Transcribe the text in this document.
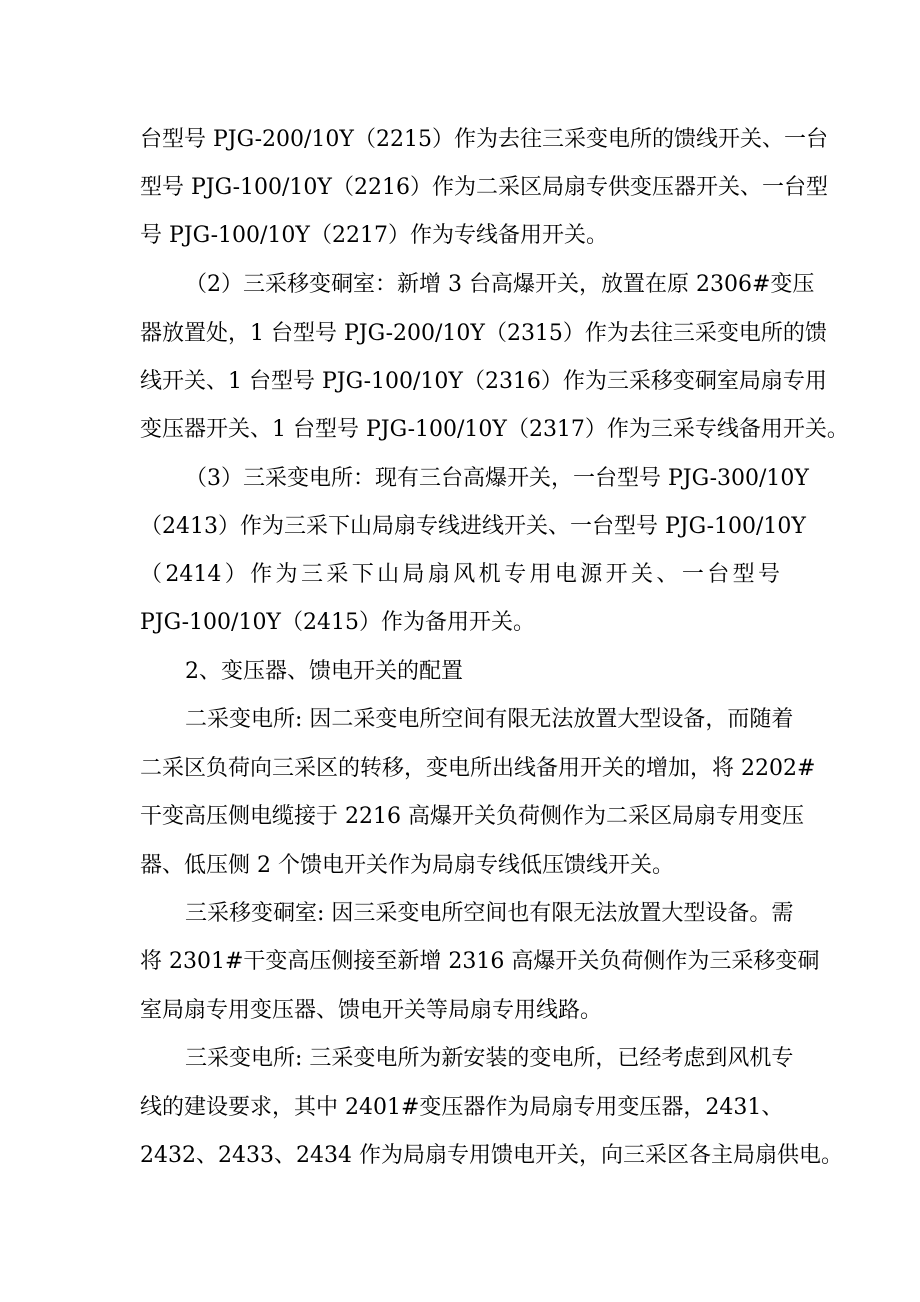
台型号 PJG-200/10Y（2215）作为去往三采变电所的馈线开关、一台
型号 PJG-100/10Y（2216）作为二采区局扇专供变压器开关、一台型
号 PJG-100/10Y（2217）作为专线备用开关。
（2）三采移变硐室：新增 3 台高爆开关，放置在原 2306#变压
器放置处，1 台型号 PJG-200/10Y（2315）作为去往三采变电所的馈
线开关、1 台型号 PJG-100/10Y（2316）作为三采移变硐室局扇专用
变压器开关、1 台型号 PJG-100/10Y（2317）作为三采专线备用开关。
（3）三采变电所：现有三台高爆开关，一台型号 PJG-300/10Y
（2413）作为三采下山局扇专线进线开关、一台型号 PJG-100/10Y
（2414）作为三采下山局扇风机专用电源开关、一台型号
PJG-100/10Y（2415）作为备用开关。
2、变压器、馈电开关的配置
二采变电所: 因二采变电所空间有限无法放置大型设备，而随着
二采区负荷向三采区的转移，变电所出线备用开关的增加，将 2202#
干变高压侧电缆接于 2216 高爆开关负荷侧作为二采区局扇专用变压
器、低压侧 2 个馈电开关作为局扇专线低压馈线开关。
三采移变硐室: 因三采变电所空间也有限无法放置大型设备。需
将 2301#干变高压侧接至新增 2316 高爆开关负荷侧作为三采移变硐
室局扇专用变压器、馈电开关等局扇专用线路。
三采变电所: 三采变电所为新安装的变电所，已经考虑到风机专
线的建设要求，其中 2401#变压器作为局扇专用变压器，2431、
2432、2433、2434 作为局扇专用馈电开关，向三采区各主局扇供电。
